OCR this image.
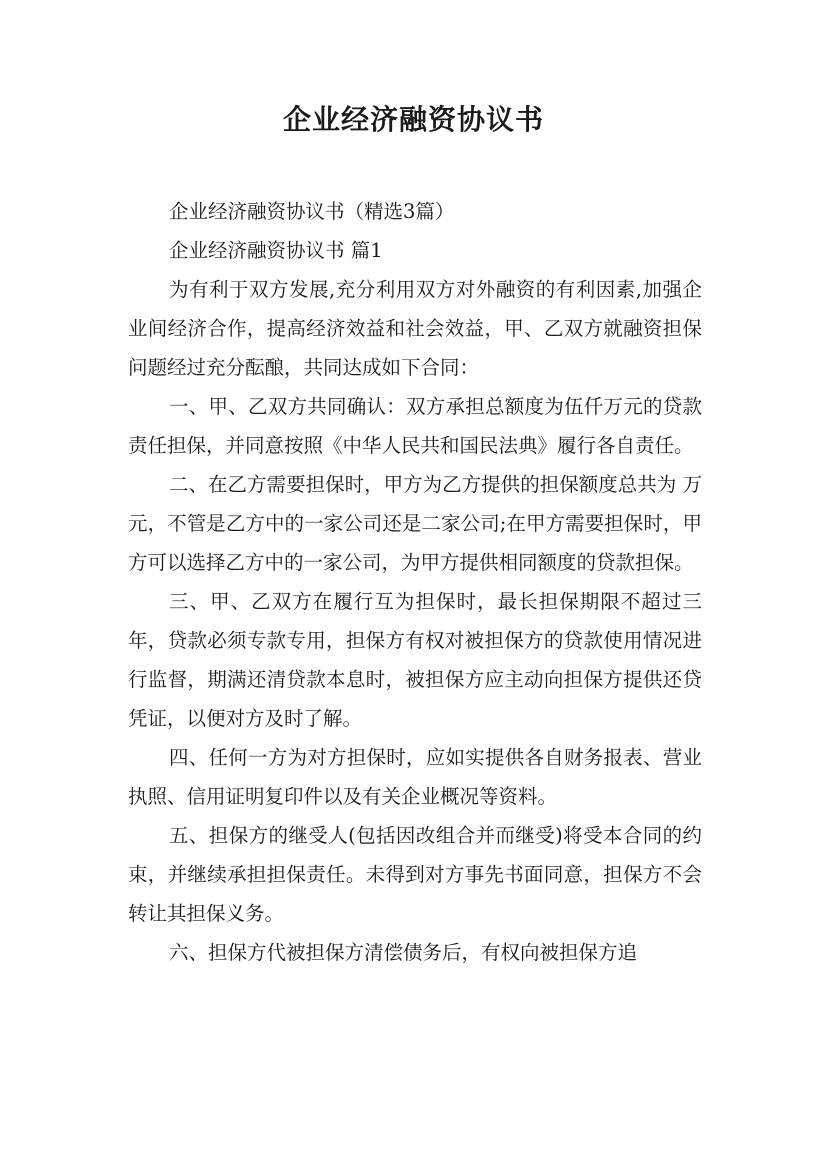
企业经济融资协议书

企业经济融资协议书（精选3篇）

企业经济融资协议书 篇1

为有利于双方发展,充分利用双方对外融资的有利因素,加强企业间经济合作，提高经济效益和社会效益，甲、乙双方就融资担保问题经过充分酝酿，共同达成如下合同：

一、甲、乙双方共同确认：双方承担总额度为伍仟万元的贷款责任担保，并同意按照《中华人民共和国民法典》履行各自责任。

二、在乙方需要担保时，甲方为乙方提供的担保额度总共为 万元，不管是乙方中的一家公司还是二家公司;在甲方需要担保时，甲方可以选择乙方中的一家公司，为甲方提供相同额度的贷款担保。

三、甲、乙双方在履行互为担保时，最长担保期限不超过三年，贷款必须专款专用，担保方有权对被担保方的贷款使用情况进行监督，期满还清贷款本息时，被担保方应主动向担保方提供还贷凭证，以便对方及时了解。

四、任何一方为对方担保时，应如实提供各自财务报表、营业执照、信用证明复印件以及有关企业概况等资料。

五、担保方的继受人(包括因改组合并而继受)将受本合同的约束，并继续承担担保责任。未得到对方事先书面同意，担保方不会转让其担保义务。

六、担保方代被担保方清偿债务后，有权向被担保方追
